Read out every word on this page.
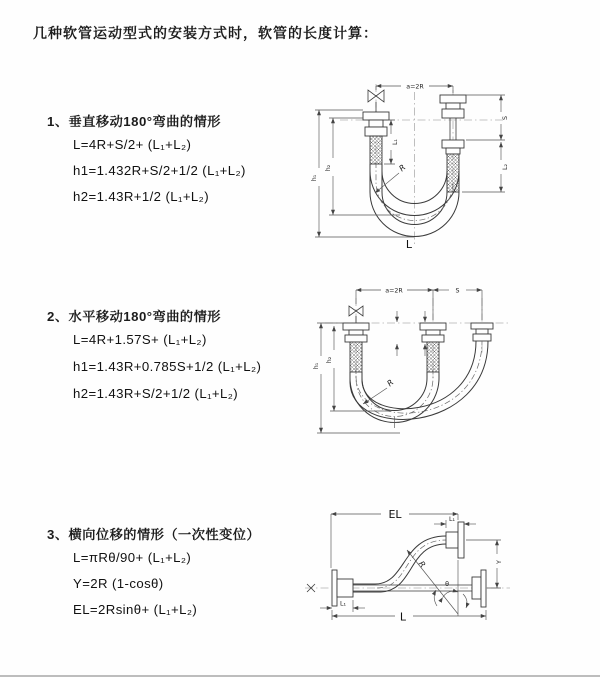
几种软管运动型式的安装方式时，软管的长度计算：
1、垂直移动180°弯曲的情形
L=4R+S/2+ (L₁+L₂)
h1=1.432R+S/2+1/2 (L₁+L₂)
h2=1.43R+1/2 (L₁+L₂)
2、水平移动180°弯曲的情形
L=4R+1.57S+ (L₁+L₂)
h1=1.43R+0.785S+1/2 (L₁+L₂)
h2=1.43R+S/2+1/2 (L₁+L₂)
3、横向位移的情形（一次性变位）
L=πRθ/90+ (L₁+L₂)
Y=2R (1-cosθ)
EL=2Rsinθ+ (L₁+L₂)
a=2R
h₁
h₂
S
L₂
L₁
R
L
a=2R	S
h₁
h₂
R
EL	L₁
Y
L
L₁
R
θ
